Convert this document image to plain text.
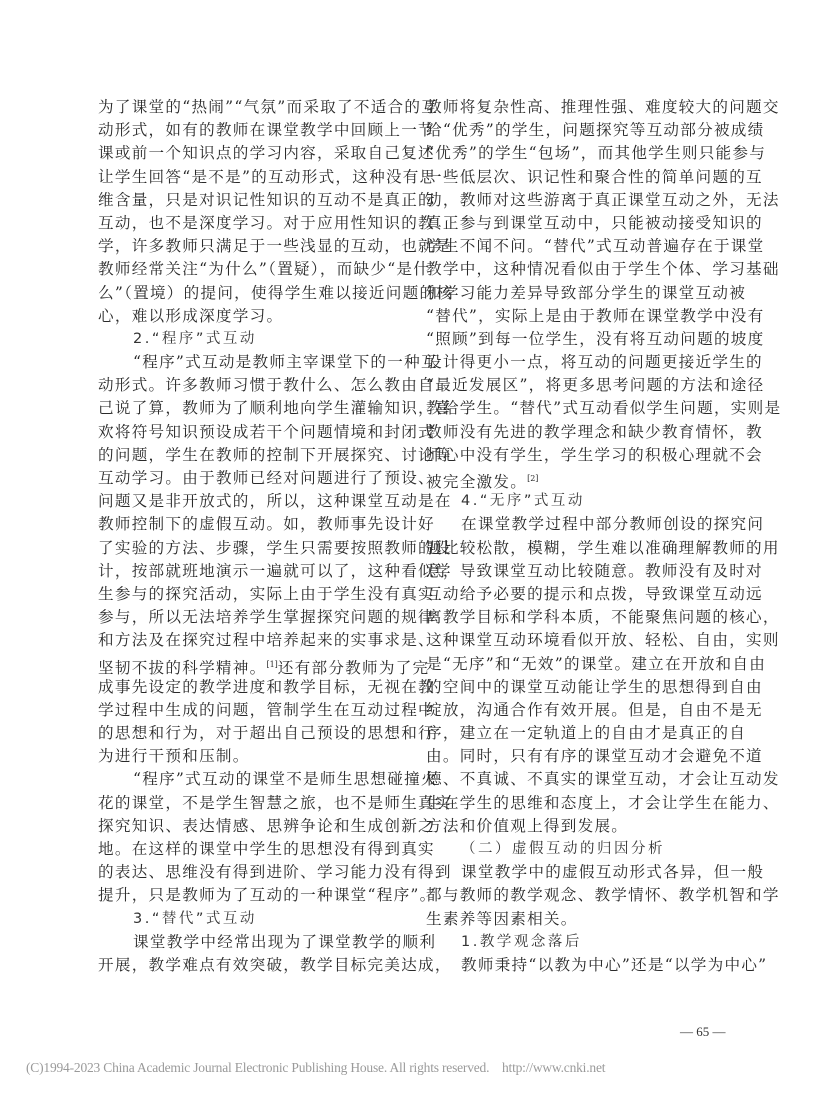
为了课堂的“热闹”“气氛”而采取了不适合的互
动形式，如有的教师在课堂教学中回顾上一节
课或前一个知识点的学习内容，采取自己复述
让学生回答“是不是”的互动形式，这种没有思
维含量，只是对识记性知识的互动不是真正的
互动，也不是深度学习。对于应用性知识的教
学，许多教师只满足于一些浅显的互动，也就是
教师经常关注“为什么”（置疑），而缺少“是什
么”（置境）的提问，使得学生难以接近问题的核
心，难以形成深度学习。
2.“程序”式互动
“程序”式互动是教师主宰课堂下的一种互
动形式。许多教师习惯于教什么、怎么教由自
己说了算，教师为了顺利地向学生灌输知识，喜
欢将符号知识预设成若干个问题情境和封闭式
的问题，学生在教师的控制下开展探究、讨论等
互动学习。由于教师已经对问题进行了预设、
问题又是非开放式的，所以，这种课堂互动是在
教师控制下的虚假互动。如，教师事先设计好
了实验的方法、步骤，学生只需要按照教师的设
计，按部就班地演示一遍就可以了，这种看似学
生参与的探究活动，实际上由于学生没有真实
参与，所以无法培养学生掌握探究问题的规律
和方法及在探究过程中培养起来的实事求是、
坚韧不拔的科学精神。[1]还有部分教师为了完
成事先设定的教学进度和教学目标，无视在教
学过程中生成的问题，管制学生在互动过程中
的思想和行为，对于超出自己预设的思想和行
为进行干预和压制。
“程序”式互动的课堂不是师生思想碰撞火
花的课堂，不是学生智慧之旅，也不是师生真实
探究知识、表达情感、思辨争论和生成创新之
地。在这样的课堂中学生的思想没有得到真实
的表达、思维没有得到进阶、学习能力没有得到
提升，只是教师为了互动的一种课堂“程序”。
3.“替代”式互动
课堂教学中经常出现为了课堂教学的顺利
开展，教学难点有效突破，教学目标完美达成，
教师将复杂性高、推理性强、难度较大的问题交
给“优秀”的学生，问题探究等互动部分被成绩
“优秀”的学生“包场”，而其他学生则只能参与
一些低层次、识记性和聚合性的简单问题的互
动，教师对这些游离于真正课堂互动之外，无法
真正参与到课堂互动中，只能被动接受知识的
学生不闻不问。“替代”式互动普遍存在于课堂
教学中，这种情况看似由于学生个体、学习基础
和学习能力差异导致部分学生的课堂互动被
“替代”，实际上是由于教师在课堂教学中没有
“照顾”到每一位学生，没有将互动问题的坡度
设计得更小一点，将互动的问题更接近学生的
“最近发展区”，将更多思考问题的方法和途径
教给学生。“替代”式互动看似学生问题，实则是
教师没有先进的教学理念和缺少教育情怀，教
师心中没有学生，学生学习的积极心理就不会
被完全激发。[2]
4.“无序”式互动
在课堂教学过程中部分教师创设的探究问
题比较松散，模糊，学生难以准确理解教师的用
意，导致课堂互动比较随意。教师没有及时对
互动给予必要的提示和点拨，导致课堂互动远
离教学目标和学科本质，不能聚焦问题的核心，
这种课堂互动环境看似开放、轻松、自由，实则
是“无序”和“无效”的课堂。建立在开放和自由
的空间中的课堂互动能让学生的思想得到自由
绽放，沟通合作有效开展。但是，自由不是无
序，建立在一定轨道上的自由才是真正的自
由。同时，只有有序的课堂互动才会避免不道
德、不真诚、不真实的课堂互动，才会让互动发
生在学生的思维和态度上，才会让学生在能力、
方法和价值观上得到发展。
（二）虚假互动的归因分析
课堂教学中的虚假互动形式各异，但一般
都与教师的教学观念、教学情怀、教学机智和学
生素养等因素相关。
1.教学观念落后
教师秉持“以教为中心”还是“以学为中心”
— 65 —
(C)1994-2023 China Academic Journal Electronic Publishing House. All rights reserved.    http://www.cnki.net
